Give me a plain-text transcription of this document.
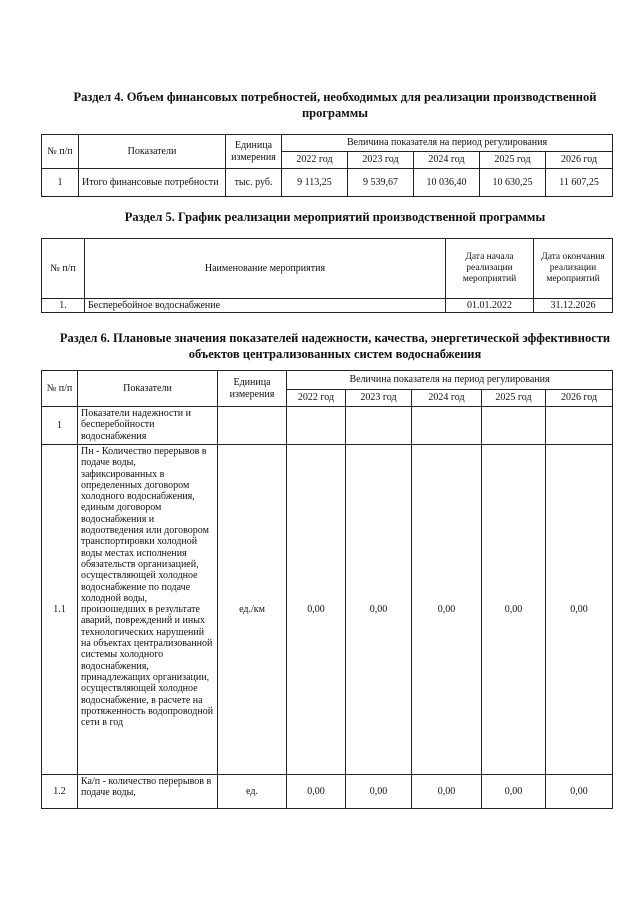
Раздел 4. Объем финансовых потребностей, необходимых для реализации производственной
программы
№ п/п	Показатели	Единица измерения	Величина показателя на период регулирования				
			2022 год	2023 год	2024 год	2025 год	2026 год
1	Итого финансовые потребности	тыс. руб.	9 113,25	9 539,67	10 036,40	10 630,25	11 607,25
Раздел 5. График реализации мероприятий производственной программы
№ п/п	Наименование мероприятия	Дата начала реализации мероприятий	Дата окончания реализации мероприятий
1.	Бесперебойное водоснабжение	01.01.2022	31.12.2026
Раздел 6. Плановые значения показателей надежности, качества, энергетической эффективности
объектов централизованных систем водоснабжения
№ п/п	Показатели	Единица измерения	Величина показателя на период регулирования				
			2022 год	2023 год	2024 год	2025 год	2026 год
1	Показатели надежности и бесперебойности водоснабжения						
1.1	Пн - Количество перерывов в подаче воды, зафиксированных в определенных договором холодного водоснабжения, единым договором водоснабжения и водоотведения или договором транспортировки холодной воды местах исполнения обязательств организацией, осуществляющей холодное водоснабжение по подаче холодной воды, произошедших в результате аварий, повреждений и иных технологических нарушений на объектах централизованной системы холодного водоснабжения, принадлежащих организации, осуществляющей холодное водоснабжение, в расчете на протяженность водопроводной сети в год	ед./км	0,00	0,00	0,00	0,00	0,00
1.2	Ка/п - количество перерывов в подаче воды,	ед.	0,00	0,00	0,00	0,00	0,00
